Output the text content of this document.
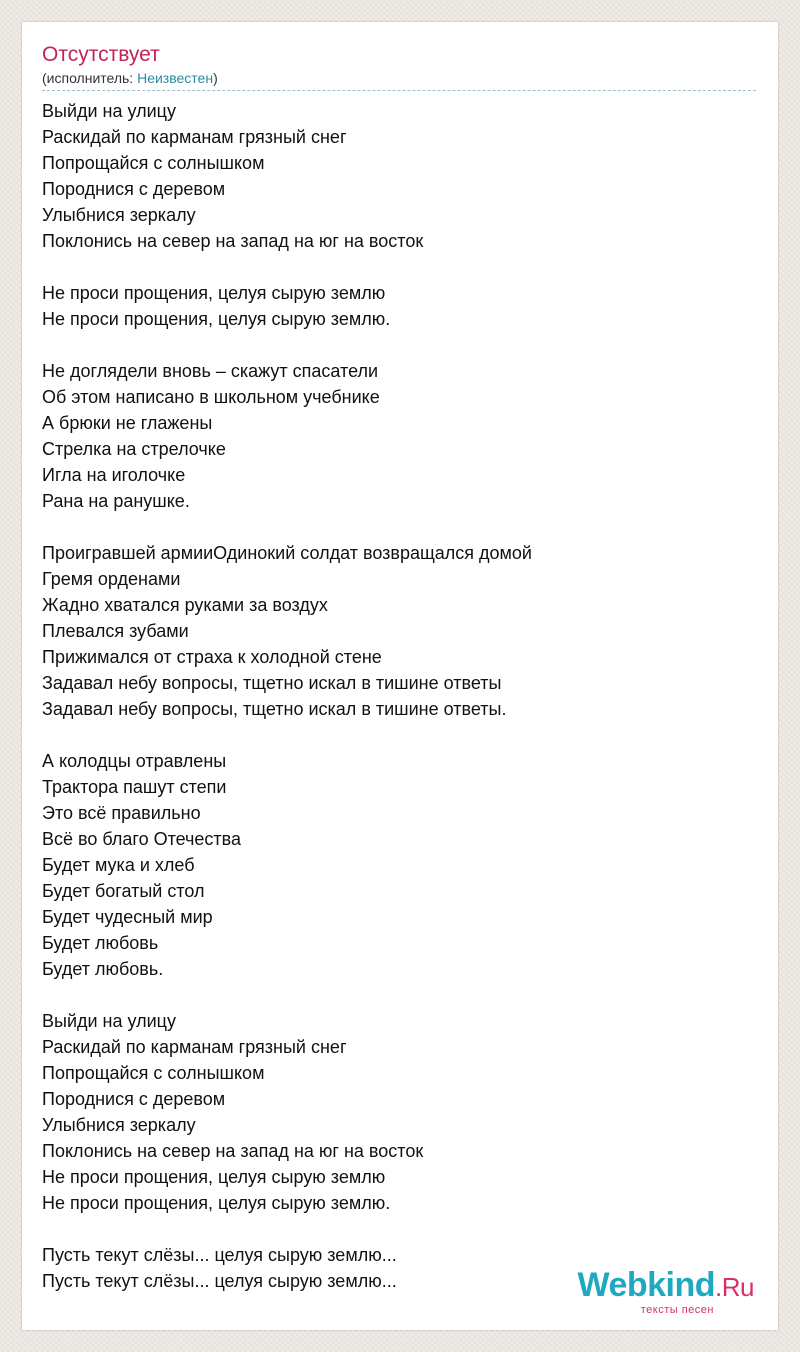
Отсутствует
(исполнитель: Неизвестен)
Выйди на улицу
Раскидай по карманам грязный снег
Попрощайся с солнышком
Породнися с деревом
Улыбнися зеркалу
Поклонись на север на запад на юг на восток
Не проси прощения, целуя сырую землю
Не проси прощения, целуя сырую землю.
Не доглядели вновь – скажут спасатели
Об этом написано в школьном учебнике
А брюки не глажены
Стрелка на стрелочке
Игла на иголочке
Рана на ранушке.
Проигравшей армииОдинокий солдат возвращался домой
Гремя орденами
Жадно хватался руками за воздух
Плевался зубами
Прижимался от страха к холодной стене
Задавал небу вопросы, тщетно искал в тишине ответы
Задавал небу вопросы, тщетно искал в тишине ответы.
А колодцы отравлены
Трактора пашут степи
Это всё правильно
Всё во благо Отечества
Будет мука и хлеб
Будет богатый стол
Будет чудесный мир
Будет любовь
Будет любовь.
Выйди на улицу
Раскидай по карманам грязный снег
Попрощайся с солнышком
Породнися с деревом
Улыбнися зеркалу
Поклонись на север на запад на юг на восток
Не проси прощения, целуя сырую землю
Не проси прощения, целуя сырую землю.
Пусть текут слёзы... целуя сырую землю...
Пусть текут слёзы... целуя сырую землю...	Webkind.Ru
тексты песен
